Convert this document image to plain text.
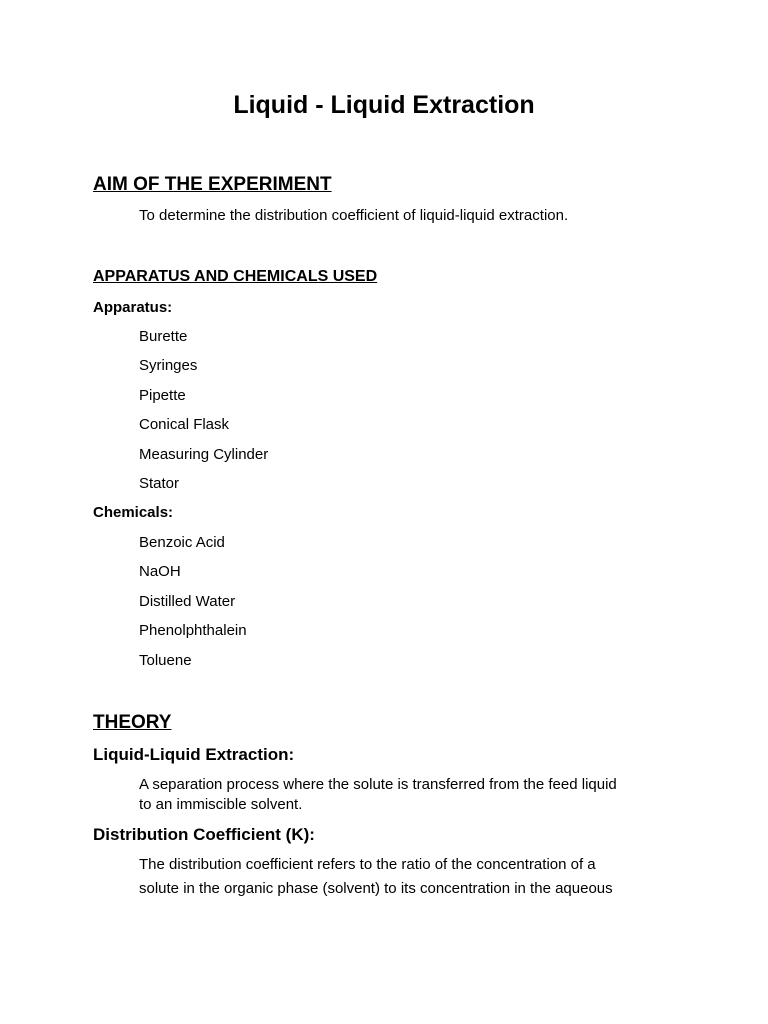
Liquid - Liquid Extraction
AIM OF THE EXPERIMENT

To determine the distribution coefficient of liquid-liquid extraction.

APPARATUS AND CHEMICALS USED
Apparatus:
Burette
Syringes
Pipette
Conical Flask
Measuring Cylinder
Stator
Chemicals:
Benzoic Acid
NaOH
Distilled Water
Phenolphthalein
Toluene
THEORY
Liquid-Liquid Extraction:

A separation process where the solute is transferred from the feed liquid
to an immiscible solvent.

Distribution Coefficient (K):

The distribution coefficient refers to the ratio of the concentration of a
solute in the organic phase (solvent) to its concentration in the aqueous
